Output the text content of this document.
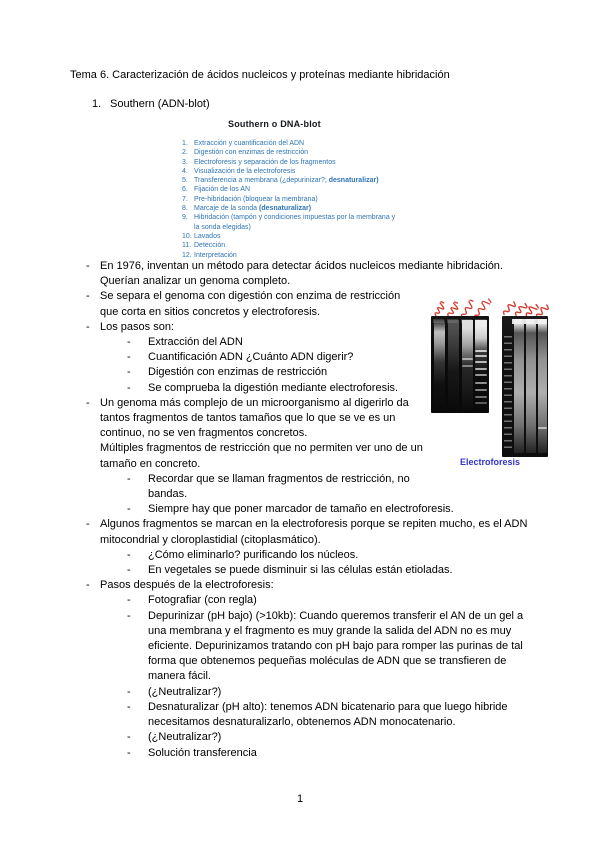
Tema 6. Caracterización de ácidos nucleicos y proteínas mediante hibridación
1. Southern (ADN-blot)
Southern o DNA-blot
1. Extracción y cuantificación del ADN
2. Digestión con enzimas de restricción
3. Electroforesis y separación de los fragmentos
4. Visualización de la electroforesis
5. Transferencia a membrana (¿depurinizar?; desnaturalizar)
6. Fijación de los AN
7. Pre-hibridación (bloquear la membrana)
8. Marcaje de la sonda (desnaturalizar)
9. Hibridación (tampón y condiciones impuestas por la membrana y la sonda elegidas)
10. Lavados
11. Detección
12. Interpretación
- En 1976, inventan un método para detectar ácidos nucleicos mediante hibridación. Querían analizar un genoma completo.
- Se separa el genoma con digestión con enzima de restricción que corta en sitios concretos y electroforesis.
- Los pasos son:
- Extracción del ADN
- Cuantificación ADN ¿Cuánto ADN digerir?
- Digestión con enzimas de restricción
- Se comprueba la digestión mediante electroforesis.
- Un genoma más complejo de un microorganismo al digerirlo da tantos fragmentos de tantos tamaños que lo que se ve es un continuo, no se ven fragmentos concretos.
Múltiples fragmentos de restricción que no permiten ver uno de un tamaño en concreto.
- Recordar que se llaman fragmentos de restricción, no bandas.
- Siempre hay que poner marcador de tamaño en electroforesis.
- Algunos fragmentos se marcan en la electroforesis porque se repiten mucho, es el ADN mitocondrial y cloroplastidial (citoplasmático).
- ¿Cómo eliminarlo? purificando los núcleos.
- En vegetales se puede disminuir si las células están etioladas.
- Pasos después de la electroforesis:
- Fotografiar (con regla)
- Depurinizar (pH bajo) (>10kb): Cuando queremos transferir el AN de un gel a una membrana y el fragmento es muy grande la salida del ADN no es muy eficiente. Depurinizamos tratando con pH bajo para romper las purinas de tal forma que obtenemos pequeñas moléculas de ADN que se transfieren de manera fácil.
- (¿Neutralizar?)
- Desnaturalizar (pH alto): tenemos ADN bicatenario para que luego hibride necesitamos desnaturalizarlo, obtenemos ADN monocatenario.
- (¿Neutralizar?)
- Solución transferencia
Electroforesis
1
